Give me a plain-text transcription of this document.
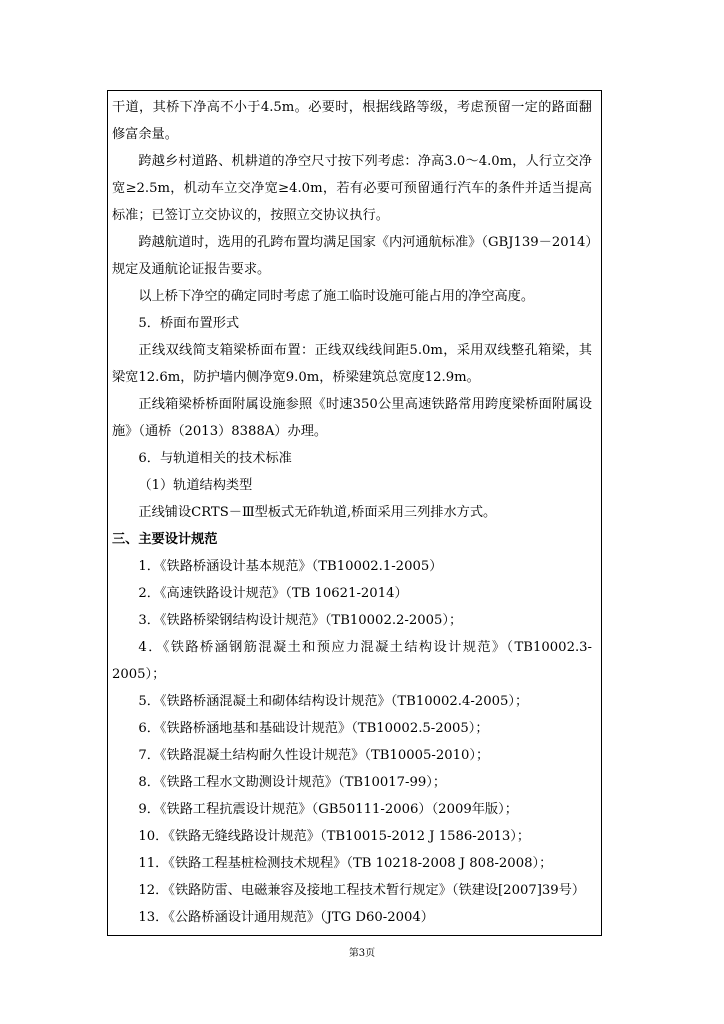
干道，其桥下净高不小于4.5m。必要时，根据线路等级，考虑预留一定的路面翻修富余量。

跨越乡村道路、机耕道的净空尺寸按下列考虑：净高3.0～4.0m，人行立交净宽≥2.5m，机动车立交净宽≥4.0m，若有必要可预留通行汽车的条件并适当提高标准；已签订立交协议的，按照立交协议执行。

跨越航道时，选用的孔跨布置均满足国家《内河通航标准》（GBJ139－2014）规定及通航论证报告要求。

以上桥下净空的确定同时考虑了施工临时设施可能占用的净空高度。

5．桥面布置形式

正线双线简支箱梁桥面布置：正线双线线间距5.0m，采用双线整孔箱梁，其梁宽12.6m，防护墙内侧净宽9.0m，桥梁建筑总宽度12.9m。

正线箱梁桥桥面附属设施参照《时速350公里高速铁路常用跨度梁桥面附属设施》（通桥（2013）8388A）办理。

6．与轨道相关的技术标准

（1）轨道结构类型

正线铺设CRTS－Ⅲ型板式无砟轨道,桥面采用三列排水方式。

三、主要设计规范

1．《铁路桥涵设计基本规范》（TB10002.1-2005）

2．《高速铁路设计规范》（TB 10621-2014）

3．《铁路桥梁钢结构设计规范》（TB10002.2-2005）；

4．《铁路桥涵钢筋混凝土和预应力混凝土结构设计规范》（TB10002.3-2005）；

5．《铁路桥涵混凝土和砌体结构设计规范》（TB10002.4-2005）；

6．《铁路桥涵地基和基础设计规范》（TB10002.5-2005）；

7．《铁路混凝土结构耐久性设计规范》（TB10005-2010）；

8．《铁路工程水文勘测设计规范》（TB10017-99）；

9．《铁路工程抗震设计规范》（GB50111-2006）（2009年版）；

10．《铁路无缝线路设计规范》（TB10015-2012 J 1586-2013）；

11．《铁路工程基桩检测技术规程》（TB 10218-2008 J 808-2008）；

12．《铁路防雷、电磁兼容及接地工程技术暂行规定》（铁建设[2007]39号）

13．《公路桥涵设计通用规范》（JTG D60-2004）

第3页
